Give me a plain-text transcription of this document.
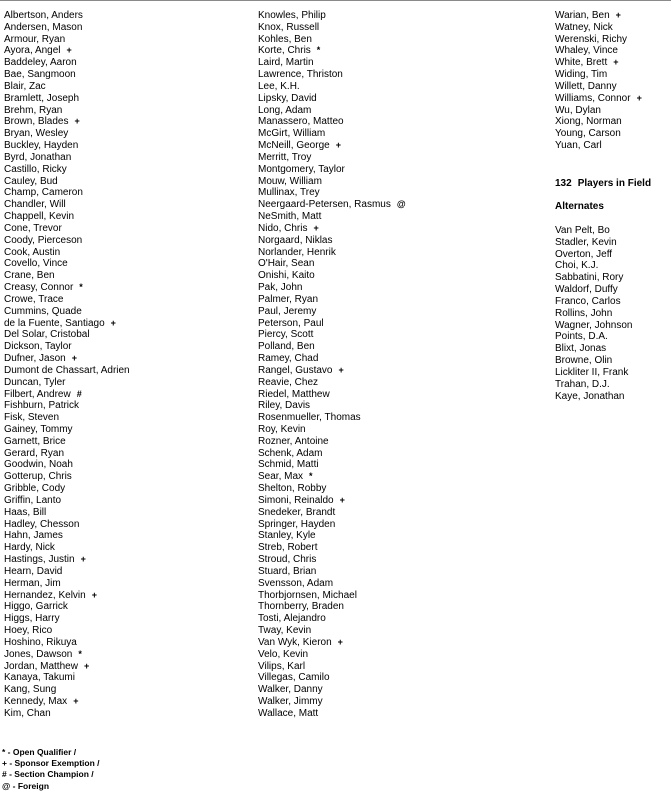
Albertson, Anders
Andersen, Mason
Armour, Ryan
Ayora, Angel +
Baddeley, Aaron
Bae, Sangmoon
Blair, Zac
Bramlett, Joseph
Brehm, Ryan
Brown, Blades +
Bryan, Wesley
Buckley, Hayden
Byrd, Jonathan
Castillo, Ricky
Cauley, Bud
Champ, Cameron
Chandler, Will
Chappell, Kevin
Cone, Trevor
Coody, Pierceson
Cook, Austin
Covello, Vince
Crane, Ben
Creasy, Connor *
Crowe, Trace
Cummins, Quade
de la Fuente, Santiago +
Del Solar, Cristobal
Dickson, Taylor
Dufner, Jason +
Dumont de Chassart, Adrien
Duncan, Tyler
Filbert, Andrew #
Fishburn, Patrick
Fisk, Steven
Gainey, Tommy
Garnett, Brice
Gerard, Ryan
Goodwin, Noah
Gotterup, Chris
Gribble, Cody
Griffin, Lanto
Haas, Bill
Hadley, Chesson
Hahn, James
Hardy, Nick
Hastings, Justin +
Hearn, David
Herman, Jim
Hernandez, Kelvin +
Higgo, Garrick
Higgs, Harry
Hoey, Rico
Hoshino, Rikuya
Jones, Dawson *
Jordan, Matthew +
Kanaya, Takumi
Kang, Sung
Kennedy, Max +
Kim, Chan
Knowles, Philip
Knox, Russell
Kohles, Ben
Korte, Chris *
Laird, Martin
Lawrence, Thriston
Lee, K.H.
Lipsky, David
Long, Adam
Manassero, Matteo
McGirt, William
McNeill, George +
Merritt, Troy
Montgomery, Taylor
Mouw, William
Mullinax, Trey
Neergaard-Petersen, Rasmus @
NeSmith, Matt
Nido, Chris +
Norgaard, Niklas
Norlander, Henrik
O'Hair, Sean
Onishi, Kaito
Pak, John
Palmer, Ryan
Paul, Jeremy
Peterson, Paul
Piercy, Scott
Polland, Ben
Ramey, Chad
Rangel, Gustavo +
Reavie, Chez
Riedel, Matthew
Riley, Davis
Rosenmueller, Thomas
Roy, Kevin
Rozner, Antoine
Schenk, Adam
Schmid, Matti
Sear, Max *
Shelton, Robby
Simoni, Reinaldo +
Snedeker, Brandt
Springer, Hayden
Stanley, Kyle
Streb, Robert
Stroud, Chris
Stuard, Brian
Svensson, Adam
Thorbjornsen, Michael
Thornberry, Braden
Tosti, Alejandro
Tway, Kevin
Van Wyk, Kieron +
Velo, Kevin
Vilips, Karl
Villegas, Camilo
Walker, Danny
Walker, Jimmy
Wallace, Matt
Warian, Ben +
Watney, Nick
Werenski, Richy
Whaley, Vince
White, Brett +
Widing, Tim
Willett, Danny
Williams, Connor +
Wu, Dylan
Xiong, Norman
Young, Carson
Yuan, Carl
132 Players in Field
Alternates
Van Pelt, Bo
Stadler, Kevin
Overton, Jeff
Choi, K.J.
Sabbatini, Rory
Waldorf, Duffy
Franco, Carlos
Rollins, John
Wagner, Johnson
Points, D.A.
Blixt, Jonas
Browne, Olin
Lickliter II, Frank
Trahan, D.J.
Kaye, Jonathan
* - Open Qualifier /
+ - Sponsor Exemption /
# - Section Champion /
@ - Foreign
